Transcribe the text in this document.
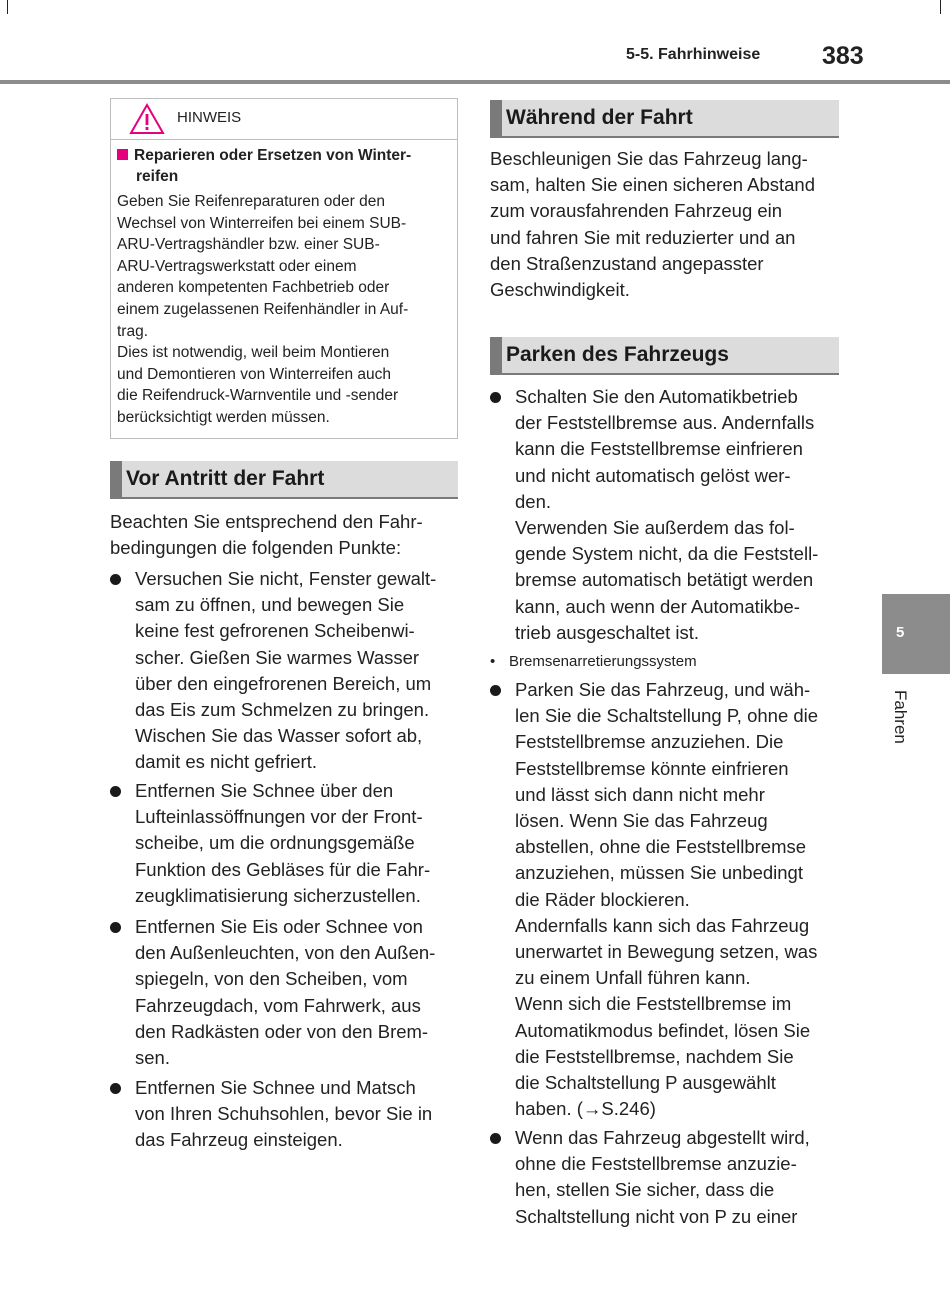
5-5. Fahrhinweise 383
HINWEIS
Reparieren oder Ersetzen von Winter-
reifen
Geben Sie Reifenreparaturen oder den
Wechsel von Winterreifen bei einem SUB-
ARU-Vertragshändler bzw. einer SUB-
ARU-Vertragswerkstatt oder einem
anderen kompetenten Fachbetrieb oder
einem zugelassenen Reifenhändler in Auf-
trag.
Dies ist notwendig, weil beim Montieren
und Demontieren von Winterreifen auch
die Reifendruck-Warnventile und -sender
berücksichtigt werden müssen.
Vor Antritt der Fahrt
Beachten Sie entsprechend den Fahr-
bedingungen die folgenden Punkte:
Versuchen Sie nicht, Fenster gewalt-
sam zu öffnen, und bewegen Sie
keine fest gefrorenen Scheibenwi-
scher. Gießen Sie warmes Wasser
über den eingefrorenen Bereich, um
das Eis zum Schmelzen zu bringen.
Wischen Sie das Wasser sofort ab,
damit es nicht gefriert.
Entfernen Sie Schnee über den
Lufteinlassöffnungen vor der Front-
scheibe, um die ordnungsgemäße
Funktion des Gebläses für die Fahr-
zeugklimatisierung sicherzustellen.
Entfernen Sie Eis oder Schnee von
den Außenleuchten, von den Außen-
spiegeln, von den Scheiben, vom
Fahrzeugdach, vom Fahrwerk, aus
den Radkästen oder von den Brem-
sen.
Entfernen Sie Schnee und Matsch
von Ihren Schuhsohlen, bevor Sie in
das Fahrzeug einsteigen.
Während der Fahrt
Beschleunigen Sie das Fahrzeug lang-
sam, halten Sie einen sicheren Abstand
zum vorausfahrenden Fahrzeug ein
und fahren Sie mit reduzierter und an
den Straßenzustand angepasster
Geschwindigkeit.
Parken des Fahrzeugs
Schalten Sie den Automatikbetrieb
der Feststellbremse aus. Andernfalls
kann die Feststellbremse einfrieren
und nicht automatisch gelöst wer-
den.
Verwenden Sie außerdem das fol-
gende System nicht, da die Feststell-
bremse automatisch betätigt werden
kann, auch wenn der Automatikbe-
trieb ausgeschaltet ist.
• Bremsenarretierungssystem
Parken Sie das Fahrzeug, und wäh-
len Sie die Schaltstellung P, ohne die
Feststellbremse anzuziehen. Die
Feststellbremse könnte einfrieren
und lässt sich dann nicht mehr
lösen. Wenn Sie das Fahrzeug
abstellen, ohne die Feststellbremse
anzuziehen, müssen Sie unbedingt
die Räder blockieren.
Andernfalls kann sich das Fahrzeug
unerwartet in Bewegung setzen, was
zu einem Unfall führen kann.
Wenn sich die Feststellbremse im
Automatikmodus befindet, lösen Sie
die Feststellbremse, nachdem Sie
die Schaltstellung P ausgewählt
haben. (→S.246)
Wenn das Fahrzeug abgestellt wird,
ohne die Feststellbremse anzuzie-
hen, stellen Sie sicher, dass die
Schaltstellung nicht von P zu einer
5
Fahren
